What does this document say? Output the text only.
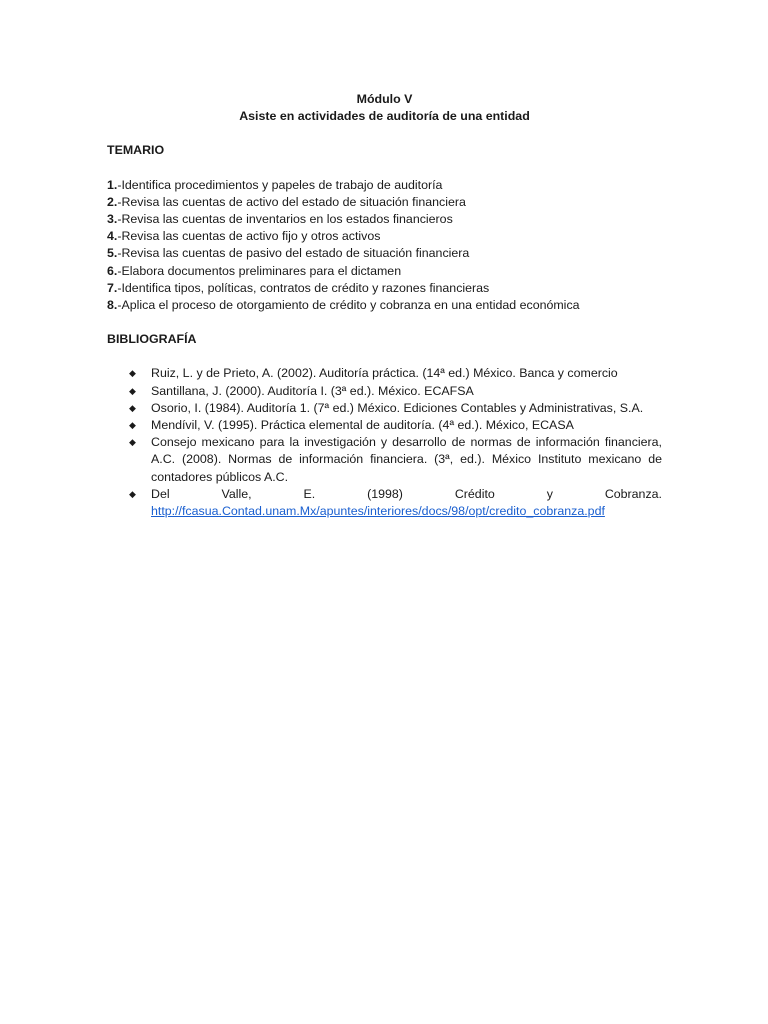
Módulo V
Asiste en actividades de auditoría de una entidad
TEMARIO
1.-Identifica procedimientos y papeles de trabajo de auditoría
2.-Revisa las cuentas de activo del estado de situación financiera
3.-Revisa las cuentas de inventarios en los estados financieros
4.-Revisa las cuentas de activo fijo y otros activos
5.-Revisa las cuentas de pasivo del estado de situación financiera
6.-Elabora documentos preliminares para el dictamen
7.-Identifica tipos, políticas, contratos de crédito y razones financieras
8.-Aplica el proceso de otorgamiento de crédito y cobranza en una entidad económica
BIBLIOGRAFÍA
◆ Ruiz, L. y de Prieto, A. (2002). Auditoría práctica. (14ª ed.) México. Banca y comercio
◆ Santillana, J. (2000). Auditoría I. (3ª ed.). México. ECAFSA
◆ Osorio, I. (1984). Auditoría 1. (7ª ed.) México. Ediciones Contables y Administrativas, S.A.
◆ Mendívil, V. (1995). Práctica elemental de auditoría. (4ª ed.). México, ECASA
◆ Consejo mexicano para la investigación y desarrollo de normas de información financiera, A.C. (2008). Normas de información financiera. (3ª, ed.). México Instituto mexicano de contadores públicos A.C.
◆ Del	Valle,	E.	(1998)	Crédito	y	Cobranza.
http://fcasua.Contad.unam.Mx/apuntes/interiores/docs/98/opt/credito_cobranza.pdf
